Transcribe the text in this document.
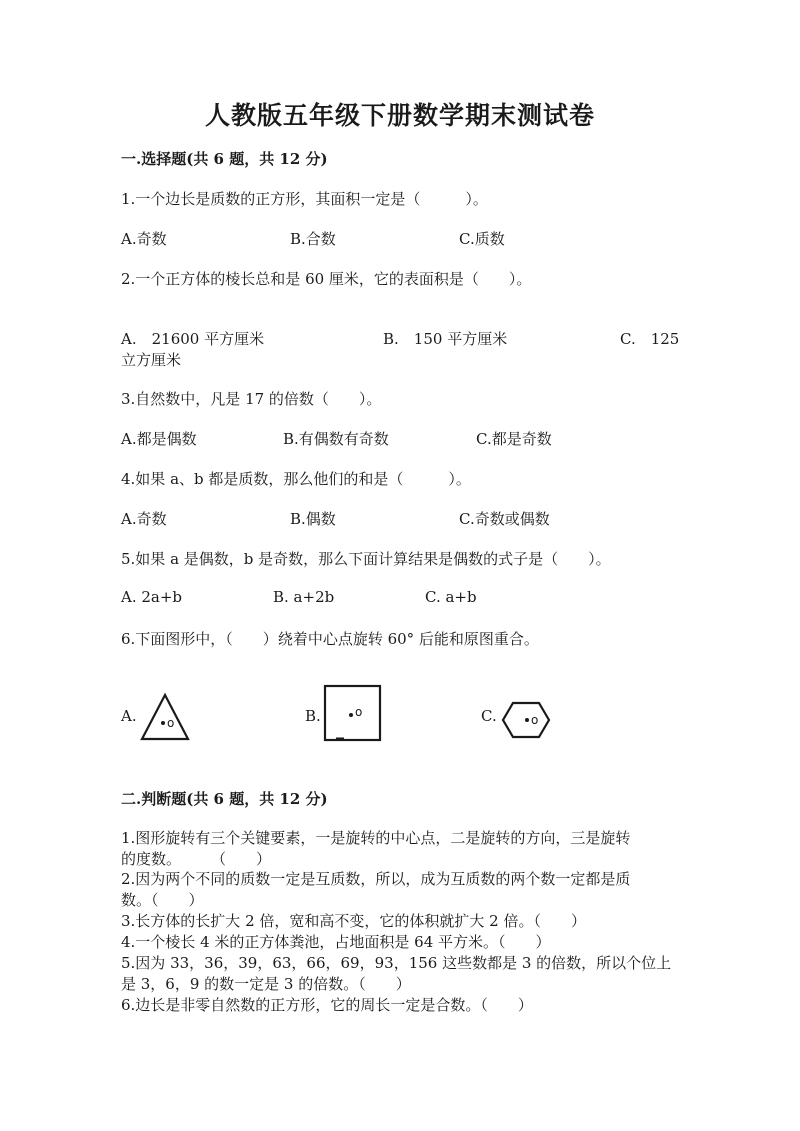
人教版五年级下册数学期末测试卷
一.选择题(共 6 题，共 12 分)
1.一个边长是质数的正方形，其面积一定是（　　　）。
A.奇数	B.合数	C.质数
2.一个正方体的棱长总和是 60 厘米，它的表面积是（　　）。
A.　21600 平方厘米	B.　150 平方厘米	C.　125
立方厘米
3.自然数中，凡是 17 的倍数（　　）。
A.都是偶数	B.有偶数有奇数	C.都是奇数
4.如果 a、b 都是质数，那么他们的和是（　　　）。
A.奇数	B.偶数	C.奇数或偶数
5.如果 a 是偶数，b 是奇数，那么下面计算结果是偶数的式子是（　　）。
A. 2a+b	B. a+2b	C. a+b
6.下面图形中，（　　）绕着中心点旋转 60° 后能和原图重合。
A.	o	B.	o	C.	o
二.判断题(共 6 题，共 12 分)
1.图形旋转有三个关键要素，一是旋转的中心点，二是旋转的方向，三是旋转
的度数。　　　（　　）
2.因为两个不同的质数一定是互质数，所以，成为互质数的两个数一定都是质
数。（　　）
3.长方体的长扩大 2 倍，宽和高不变，它的体积就扩大 2 倍。（　　）
4.一个棱长 4 米的正方体粪池，占地面积是 64 平方米。（　　）
5.因为 33，36，39，63，66，69，93，156 这些数都是 3 的倍数，所以个位上
是 3，6，9 的数一定是 3 的倍数。（　　）
6.边长是非零自然数的正方形，它的周长一定是合数。（　　）
